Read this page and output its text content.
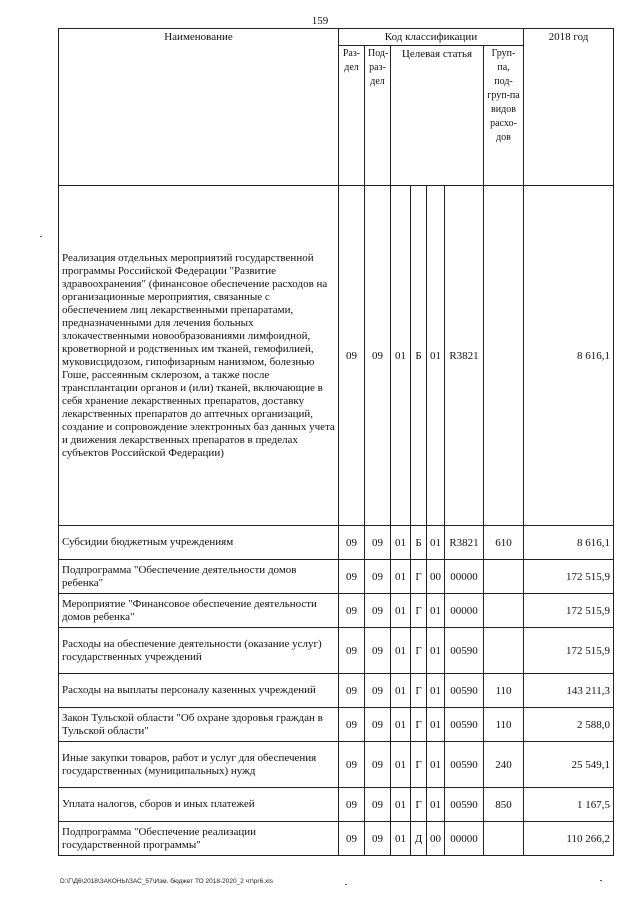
159
Наименование	Код классификации							2018 год
	Раз-дел	Под-раз-дел	Целевая статья				Груп-па, под-груп-па видов расхо-дов	
Реализация отдельных мероприятий государственной программы Российской Федерации "Развитие здравоохранения" (финансовое обеспечение расходов на организационные мероприятия, связанные с обеспечением лиц лекарственными препаратами, предназначенными для лечения больных злокачественными новообразованиями лимфоидной, кроветворной и родственных им тканей, гемофилией, муковисцидозом, гипофизарным нанизмом, болезнью Гоше, рассеянным склерозом, а также после трансплантации органов и (или) тканей, включающие в себя хранение лекарственных препаратов, доставку лекарственных препаратов до аптечных организаций, создание и сопровождение электронных баз данных учета и движения лекарственных препаратов в пределах субъектов Российской Федерации)	09	09	01	Б	01	R3821		8 616,1
Субсидии бюджетным учреждениям	09	09	01	Б	01	R3821	610	8 616,1
Подпрограмма "Обеспечение деятельности домов ребенка"	09	09	01	Г	00	00000		172 515,9
Мероприятие "Финансовое обеспечение деятельности домов ребенка"	09	09	01	Г	01	00000		172 515,9
Расходы на обеспечение деятельности (оказание услуг) государственных учреждений	09	09	01	Г	01	00590		172 515,9
Расходы на выплаты персоналу казенных учреждений	09	09	01	Г	01	00590	110	143 211,3
Закон Тульской области "Об охране здоровья граждан в Тульской области"	09	09	01	Г	01	00590	110	2 588,0
Иные закупки товаров, работ и услуг для обеспечения государственных (муниципальных) нужд	09	09	01	Г	01	00590	240	25 549,1
Уплата налогов, сборов и иных платежей	09	09	01	Г	01	00590	850	1 167,5
Подпрограмма "Обеспечение реализации государственной программы"	09	09	01	Д	00	00000		110 266,2
D:\Г\Д6\2018\ЗАКОНЫ\ЗАС_57\Изм. бюджет ТО 2018-2020_2 чт\pr6.xls
